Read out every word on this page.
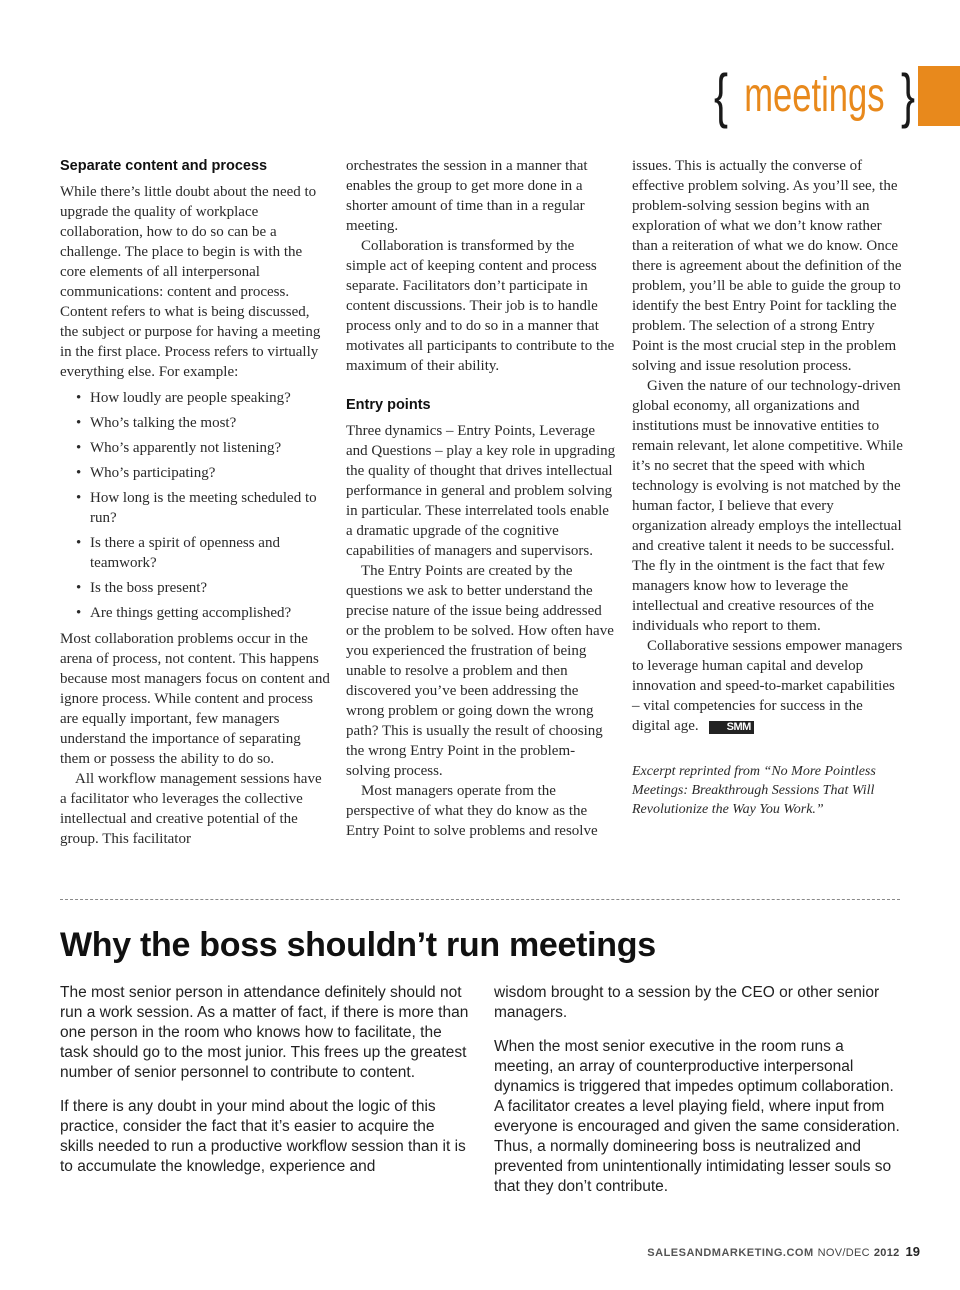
{ meetings }
Separate content and process

While there’s little doubt about the need to upgrade the quality of workplace collaboration, how to do so can be a challenge. The place to begin is with the core elements of all interpersonal communications: content and process. Content refers to what is being discussed, the subject or purpose for having a meeting in the first place. Process refers to virtually everything else. For example:

• How loudly are people speaking?
• Who’s talking the most?
• Who’s apparently not listening?
• Who’s participating?
• How long is the meeting scheduled to run?
• Is there a spirit of openness and teamwork?
• Is the boss present?
• Are things getting accomplished?

Most collaboration problems occur in the arena of process, not content. This happens because most managers focus on content and ignore process. While content and process are equally important, few managers understand the importance of separating them or possess the ability to do so.

All workflow management sessions have a facilitator who leverages the collective intellectual and creative potential of the group. This facilitator

orchestrates the session in a manner that enables the group to get more done in a shorter amount of time than in a regular meeting.

Collaboration is transformed by the simple act of keeping content and process separate. Facilitators don’t participate in content discussions. Their job is to handle process only and to do so in a manner that motivates all participants to contribute to the maximum of their ability.

Entry points

Three dynamics – Entry Points, Leverage and Questions – play a key role in upgrading the quality of thought that drives intellectual performance in general and problem solving in particular. These interrelated tools enable a dramatic upgrade of the cognitive capabilities of managers and supervisors.

The Entry Points are created by the questions we ask to better understand the precise nature of the issue being addressed or the problem to be solved. How often have you experienced the frustration of being unable to resolve a problem and then discovered you’ve been addressing the wrong problem or going down the wrong path? This is usually the result of choosing the wrong Entry Point in the problem-solving process.

Most managers operate from the perspective of what they do know as the Entry Point to solve problems and resolve

issues. This is actually the converse of effective problem solving. As you’ll see, the problem-solving session begins with an exploration of what we don’t know rather than a reiteration of what we do know. Once there is agreement about the definition of the problem, you’ll be able to guide the group to identify the best Entry Point for tackling the problem. The selection of a strong Entry Point is the most crucial step in the problem solving and issue resolution process.

Given the nature of our technology-driven global economy, all organizations and institutions must be innovative entities to remain relevant, let alone competitive. While it’s no secret that the speed with which technology is evolving is not matched by the human factor, I believe that every organization already employs the intellectual and creative talent it needs to be successful. The fly in the ointment is the fact that few managers know how to leverage the intellectual and creative resources of the individuals who report to them.

Collaborative sessions empower managers to leverage human capital and develop innovation and speed-to-market capabilities – vital competencies for success in the digital age.	SMM

Excerpt reprinted from “No More Pointless Meetings: Breakthrough Sessions That Will Revolutionize the Way You Work.”

Why the boss shouldn’t run meetings

The most senior person in attendance definitely should not run a work session. As a matter of fact, if there is more than one person in the room who knows how to facilitate, the task should go to the most junior. This frees up the greatest number of senior personnel to contribute to content.

If there is any doubt in your mind about the logic of this practice, consider the fact that it’s easier to acquire the skills needed to run a productive workflow session than it is to accumulate the knowledge, experience and

wisdom brought to a session by the CEO or other senior managers.

When the most senior executive in the room runs a meeting, an array of counterproductive interpersonal dynamics is triggered that impedes optimum collaboration. A facilitator creates a level playing field, where input from everyone is encouraged and given the same consideration. Thus, a normally domineering boss is neutralized and prevented from unintentionally intimidating lesser souls so that they don’t contribute.

SALESANDMARKETING.COM NOV/DEC 2012 19
